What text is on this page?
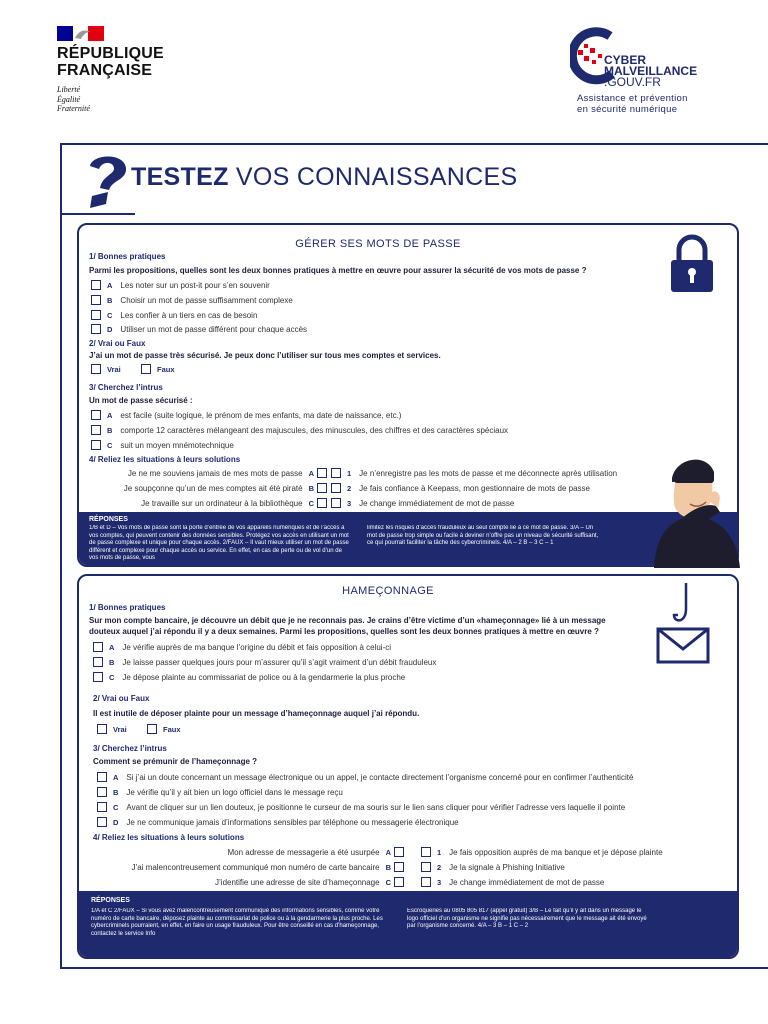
RÉPUBLIQUE
FRANÇAISE
Liberté
Égalité
Fraternité
CYBER
MALVEILLANCE
.GOUV.FR
Assistance et prévention
en sécurité numérique
TESTEZ VOS CONNAISSANCES
GÉRER SES MOTS DE PASSE
1/ Bonnes pratiques
Parmi les propositions, quelles sont les deux bonnes pratiques à mettre en œuvre pour assurer la sécurité de vos mots de passe ?
A Les noter sur un post-it pour s’en souvenir
B Choisir un mot de passe suffisamment complexe
C Les confier à un tiers en cas de besoin
D Utiliser un mot de passe différent pour chaque accès
2/ Vrai ou Faux
J’ai un mot de passe très sécurisé. Je peux donc l’utiliser sur tous mes comptes et services.
Vrai	Faux
3/ Cherchez l’intrus
Un mot de passe sécurisé :
A est facile (suite logique, le prénom de mes enfants, ma date de naissance, etc.)
B comporte 12 caractères mélangeant des majuscules, des minuscules, des chiffres et des caractères spéciaux
C suit un moyen mnémotechnique
4/ Reliez les situations à leurs solutions
Je ne me souviens jamais de mes mots de passe A
Je soupçonne qu’un de mes comptes ait été piraté B
Je travaille sur un ordinateur à la bibliothèque C
1 Je n’enregistre pas les mots de passe et me déconnecte après utilisation
2 Je fais confiance à Keepass, mon gestionnaire de mots de passe
3 Je change immédiatement de mot de passe
RÉPONSES
1/B et D – Vos mots de passe sont la porte d’entrée de vos appareils numériques et de l’accès à vos comptes, qui peuvent contenir des données sensibles. Protégez vos accès en utilisant un mot de passe complexe et unique pour chaque accès. 2/FAUX – Il vaut mieux utiliser un mot de passe différent et complexe pour chaque accès ou service. En effet, en cas de perte ou de vol d’un de vos mots de passe, vous
limitez les risques d’accès frauduleux au seul compte lié à ce mot de passe. 3/A – Un mot de passe trop simple ou facile à deviner n’offre pas un niveau de sécurité suffisant, ce qui pourrait faciliter la tâche des cybercriminels. 4/A – 2 B – 3 C – 1
HAMEÇONNAGE
1/ Bonnes pratiques
Sur mon compte bancaire, je découvre un débit que je ne reconnais pas. Je crains d’être victime d’un «hameçonnage» lié à un message douteux auquel j’ai répondu il y a deux semaines. Parmi les propositions, quelles sont les deux bonnes pratiques à mettre en œuvre ?
A Je vérifie auprès de ma banque l’origine du débit et fais opposition à celui-ci
B Je laisse passer quelques jours pour m’assurer qu’il s’agit vraiment d’un débit frauduleux
C Je dépose plainte au commissariat de police ou à la gendarmerie la plus proche
2/ Vrai ou Faux
Il est inutile de déposer plainte pour un message d’hameçonnage auquel j’ai répondu.
Vrai	Faux
3/ Cherchez l’intrus
Comment se prémunir de l’hameçonnage ?
A Si j’ai un doute concernant un message électronique ou un appel, je contacte directement l’organisme concerné pour en confirmer l’authenticité
B Je vérifie qu’il y ait bien un logo officiel dans le message reçu
C Avant de cliquer sur un lien douteux, je positionne le curseur de ma souris sur le lien sans cliquer pour vérifier l’adresse vers laquelle il pointe
D Je ne communique jamais d’informations sensibles par téléphone ou messagerie électronique
4/ Reliez les situations à leurs solutions
Mon adresse de messagerie a été usurpée A
J’ai malencontreusement communiqué mon numéro de carte bancaire B
J’identifie une adresse de site d’hameçonnage C
1 Je fais opposition auprès de ma banque et je dépose plainte
2 Je la signale à Phishing Initiative
3 Je change immédiatement de mot de passe
RÉPONSES
1/A et C 2/FAUX – Si vous avez malencontreusement communiqué des informations sensibles, comme votre numéro de carte bancaire, déposez plainte au commissariat de police ou à la gendarmerie la plus proche. Les cybercriminels pourraient, en effet, en faire un usage frauduleux. Pour être conseillé en cas d’hameçonnage, contactez le service Info
Escroqueries au 0805 805 817 (appel gratuit) 3/B – Le fait qu’il y ait dans un message le logo officiel d’un organisme ne signifie pas nécessairement que le message ait été envoyé par l’organisme concerné. 4/A – 3 B – 1 C – 2
